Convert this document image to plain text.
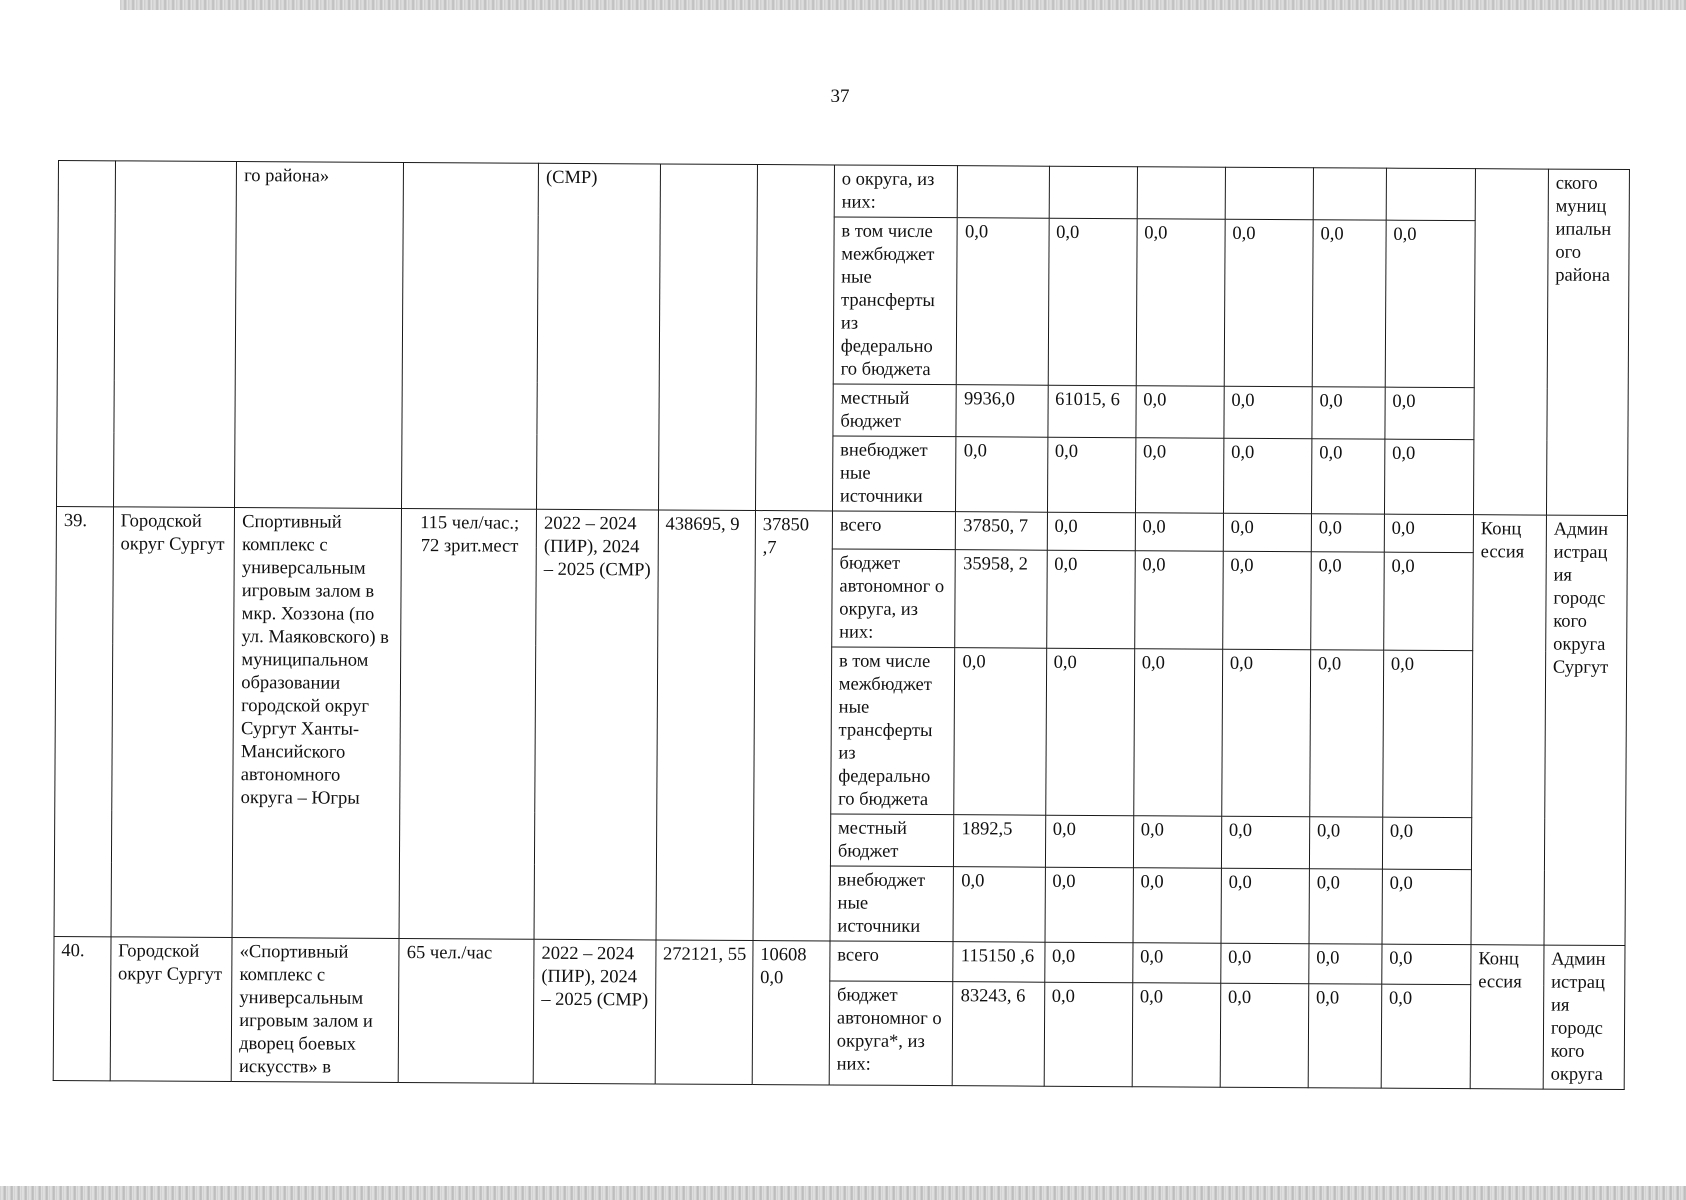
37
		го района»		(СМР)			о округа, из них:								ского муниц ипальн ого района
							в том числе межбюджет ные трансферты из федерально го бюджета	0,0	0,0	0,0	0,0	0,0	0,0		
							местный бюджет	9936,0	61015, 6	0,0	0,0	0,0	0,0		
							внебюджет ные источники	0,0	0,0	0,0	0,0	0,0	0,0		
39.	Городской округ Сургут	Спортивный комплекс с универсальным игровым залом в мкр. Хоззона (по ул. Маяковского) в муниципальном образовании городской округ Сургут Ханты-Мансийского автономного округа – Югры	115 чел/час.; 72 зрит.мест	2022 – 2024 (ПИР), 2024 – 2025 (СМР)	438695, 9	37850 ,7	всего	37850, 7	0,0	0,0	0,0	0,0	0,0	Конц ессия	Админ истрац ия городс кого округа Сургут
							бюджет автономног о округа, из них:	35958, 2	0,0	0,0	0,0	0,0	0,0		
							в том числе межбюджет ные трансферты из федерально го бюджета	0,0	0,0	0,0	0,0	0,0	0,0		
							местный бюджет	1892,5	0,0	0,0	0,0	0,0	0,0		
							внебюджет ные источники	0,0	0,0	0,0	0,0	0,0	0,0		
40.	Городской округ Сургут	«Спортивный комплекс с универсальным игровым залом и дворец боевых искусств» в	65 чел./час	2022 – 2024 (ПИР), 2024 – 2025 (СМР)	272121, 55	10608 0,0	всего	115150 ,6	0,0	0,0	0,0	0,0	0,0	Конц ессия	Админ истрац ия городс кого округа
							бюджет автономног о округа*, из них:	83243, 6	0,0	0,0	0,0	0,0	0,0		
